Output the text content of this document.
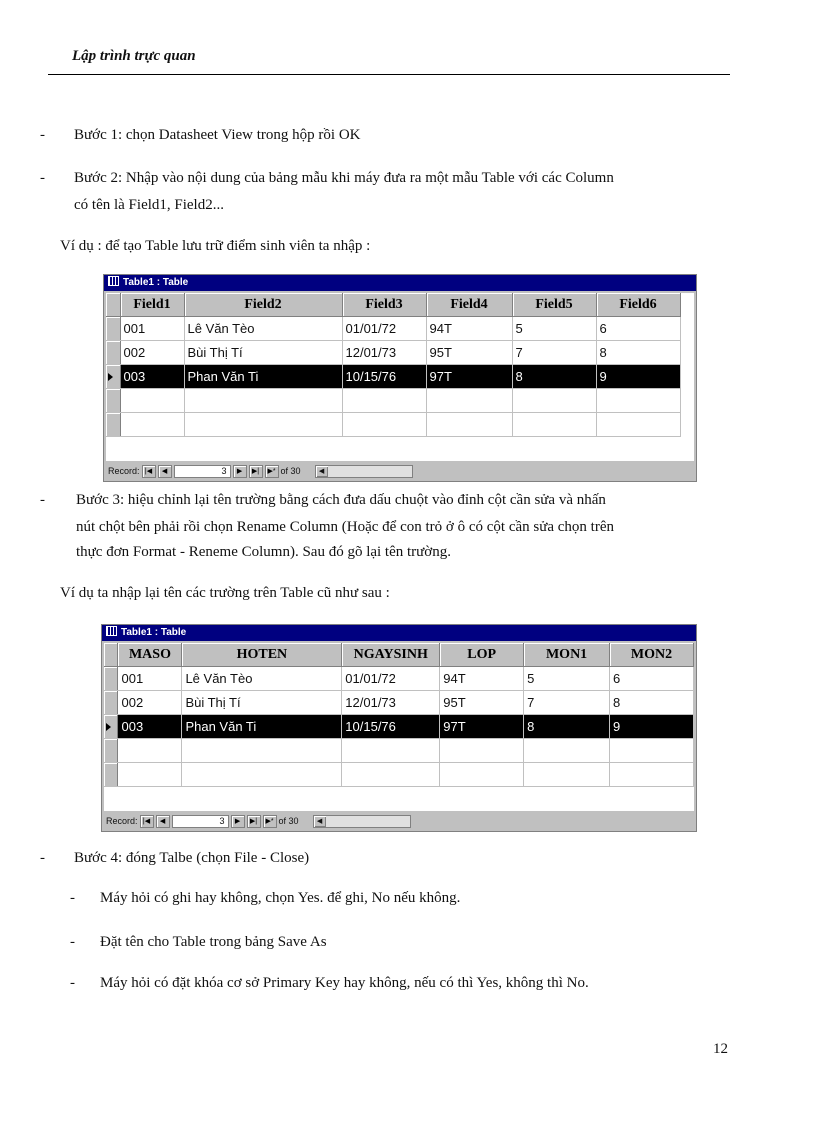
Lập trình trực quan
- Bước 1: chọn Datasheet View trong hộp rồi OK
- Bước 2: Nhập vào nội dung của bảng mẫu khi máy đưa ra một mẫu Table với các Column
có tên là Field1, Field2...
Ví dụ : để tạo Table lưu trữ điểm sinh viên ta nhập :
Table1 : Table
	Field1	Field2	Field3	Field4	Field5	Field6
	001	Lê Văn Tèo	01/01/72	94T	5	6
	002	Bùi Thị Tí	12/01/73	95T	7	8
	003	Phan Văn Ti	10/15/76	97T	8	9

Record: |◀	◀	3	▶	▶|	▶* of 30	◀
- Bước 3: hiệu chỉnh lại tên trường bằng cách đưa dấu chuột vào đỉnh cột cần sửa và nhấn
nút chột bên phải rồi chọn Rename Column (Hoặc để con trỏ ở ô có cột cần sửa chọn trên
thực đơn Format - Reneme Column). Sau đó gõ lại tên trường.
Ví dụ ta nhập lại tên các trường trên Table cũ như sau :
Table1 : Table
	MASO	HOTEN	NGAYSINH	LOP	MON1	MON2
	001	Lê Văn Tèo	01/01/72	94T	5	6
	002	Bùi Thị Tí	12/01/73	95T	7	8
	003	Phan Văn Ti	10/15/76	97T	8	9

Record: |◀	◀	3	▶	▶|	▶* of 30	◀
- Bước 4: đóng Talbe (chọn File - Close)
- Máy hỏi có ghi hay không, chọn Yes. để ghi, No nếu không.
- Đặt tên cho Table trong bảng Save As
- Máy hỏi có đặt khóa cơ sở Primary Key hay không, nếu có thì Yes, không thì No.
12
